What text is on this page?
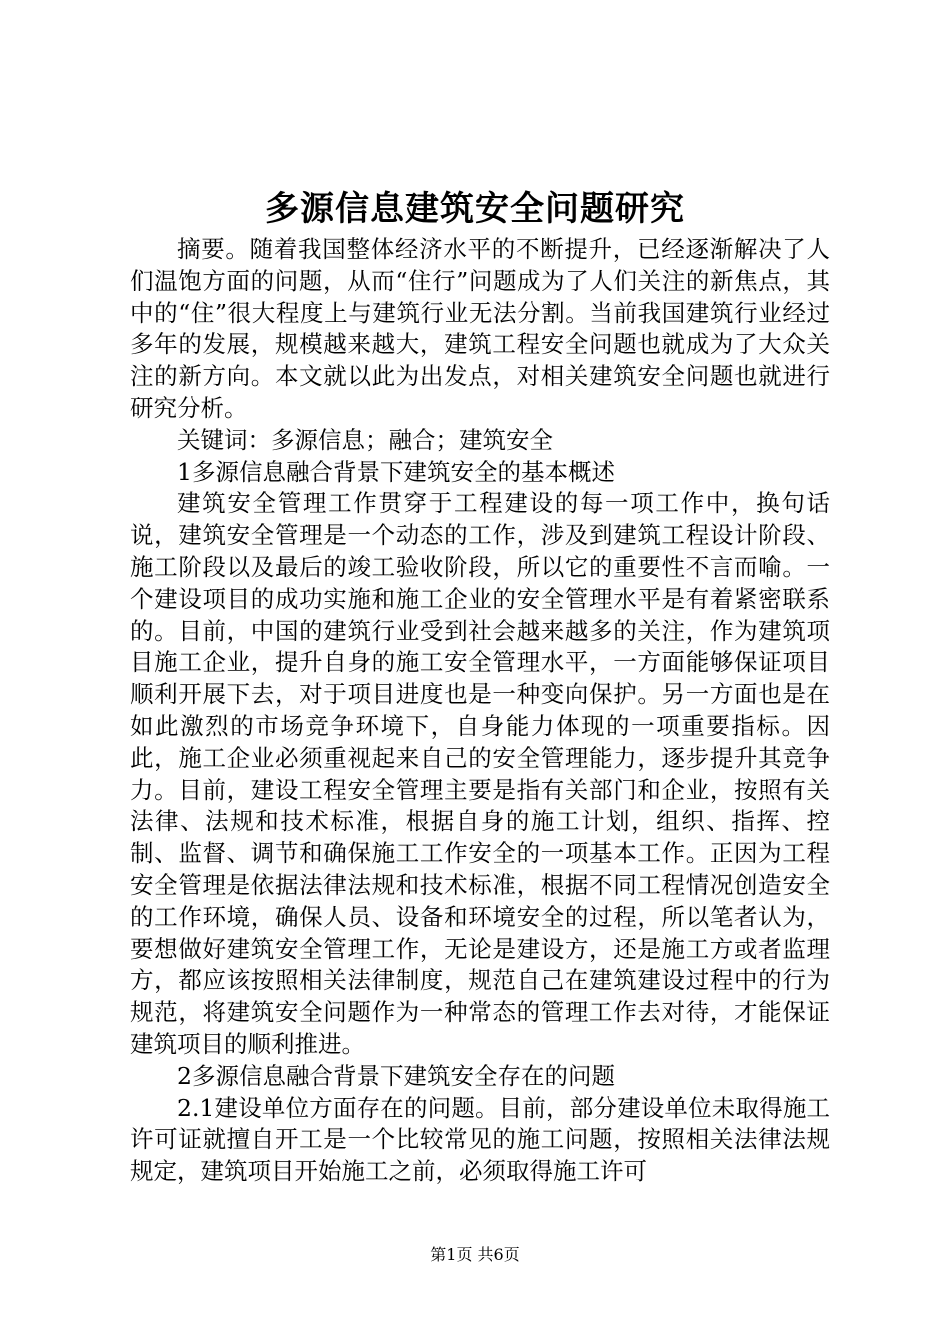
多源信息建筑安全问题研究

摘要。随着我国整体经济水平的不断提升，已经逐渐解决了人们温饱方面的问题，从而“住行”问题成为了人们关注的新焦点，其中的“住”很大程度上与建筑行业无法分割。当前我国建筑行业经过多年的发展，规模越来越大，建筑工程安全问题也就成为了大众关注的新方向。本文就以此为出发点，对相关建筑安全问题也就进行研究分析。

关键词：多源信息；融合；建筑安全

1多源信息融合背景下建筑安全的基本概述

建筑安全管理工作贯穿于工程建设的每一项工作中，换句话说，建筑安全管理是一个动态的工作，涉及到建筑工程设计阶段、施工阶段以及最后的竣工验收阶段，所以它的重要性不言而喻。一个建设项目的成功实施和施工企业的安全管理水平是有着紧密联系的。目前，中国的建筑行业受到社会越来越多的关注，作为建筑项目施工企业，提升自身的施工安全管理水平，一方面能够保证项目顺利开展下去，对于项目进度也是一种变向保护。另一方面也是在如此激烈的市场竞争环境下，自身能力体现的一项重要指标。因此，施工企业必须重视起来自己的安全管理能力，逐步提升其竞争力。目前，建设工程安全管理主要是指有关部门和企业，按照有关法律、法规和技术标准，根据自身的施工计划，组织、指挥、控制、监督、调节和确保施工工作安全的一项基本工作。正因为工程安全管理是依据法律法规和技术标准，根据不同工程情况创造安全的工作环境，确保人员、设备和环境安全的过程，所以笔者认为，要想做好建筑安全管理工作，无论是建设方，还是施工方或者监理方，都应该按照相关法律制度，规范自己在建筑建设过程中的行为规范，将建筑安全问题作为一种常态的管理工作去对待，才能保证建筑项目的顺利推进。

2多源信息融合背景下建筑安全存在的问题

2.1建设单位方面存在的问题。目前，部分建设单位未取得施工许可证就擅自开工是一个比较常见的施工问题，按照相关法律法规规定，建筑项目开始施工之前，必须取得施工许可

第1页 共6页
